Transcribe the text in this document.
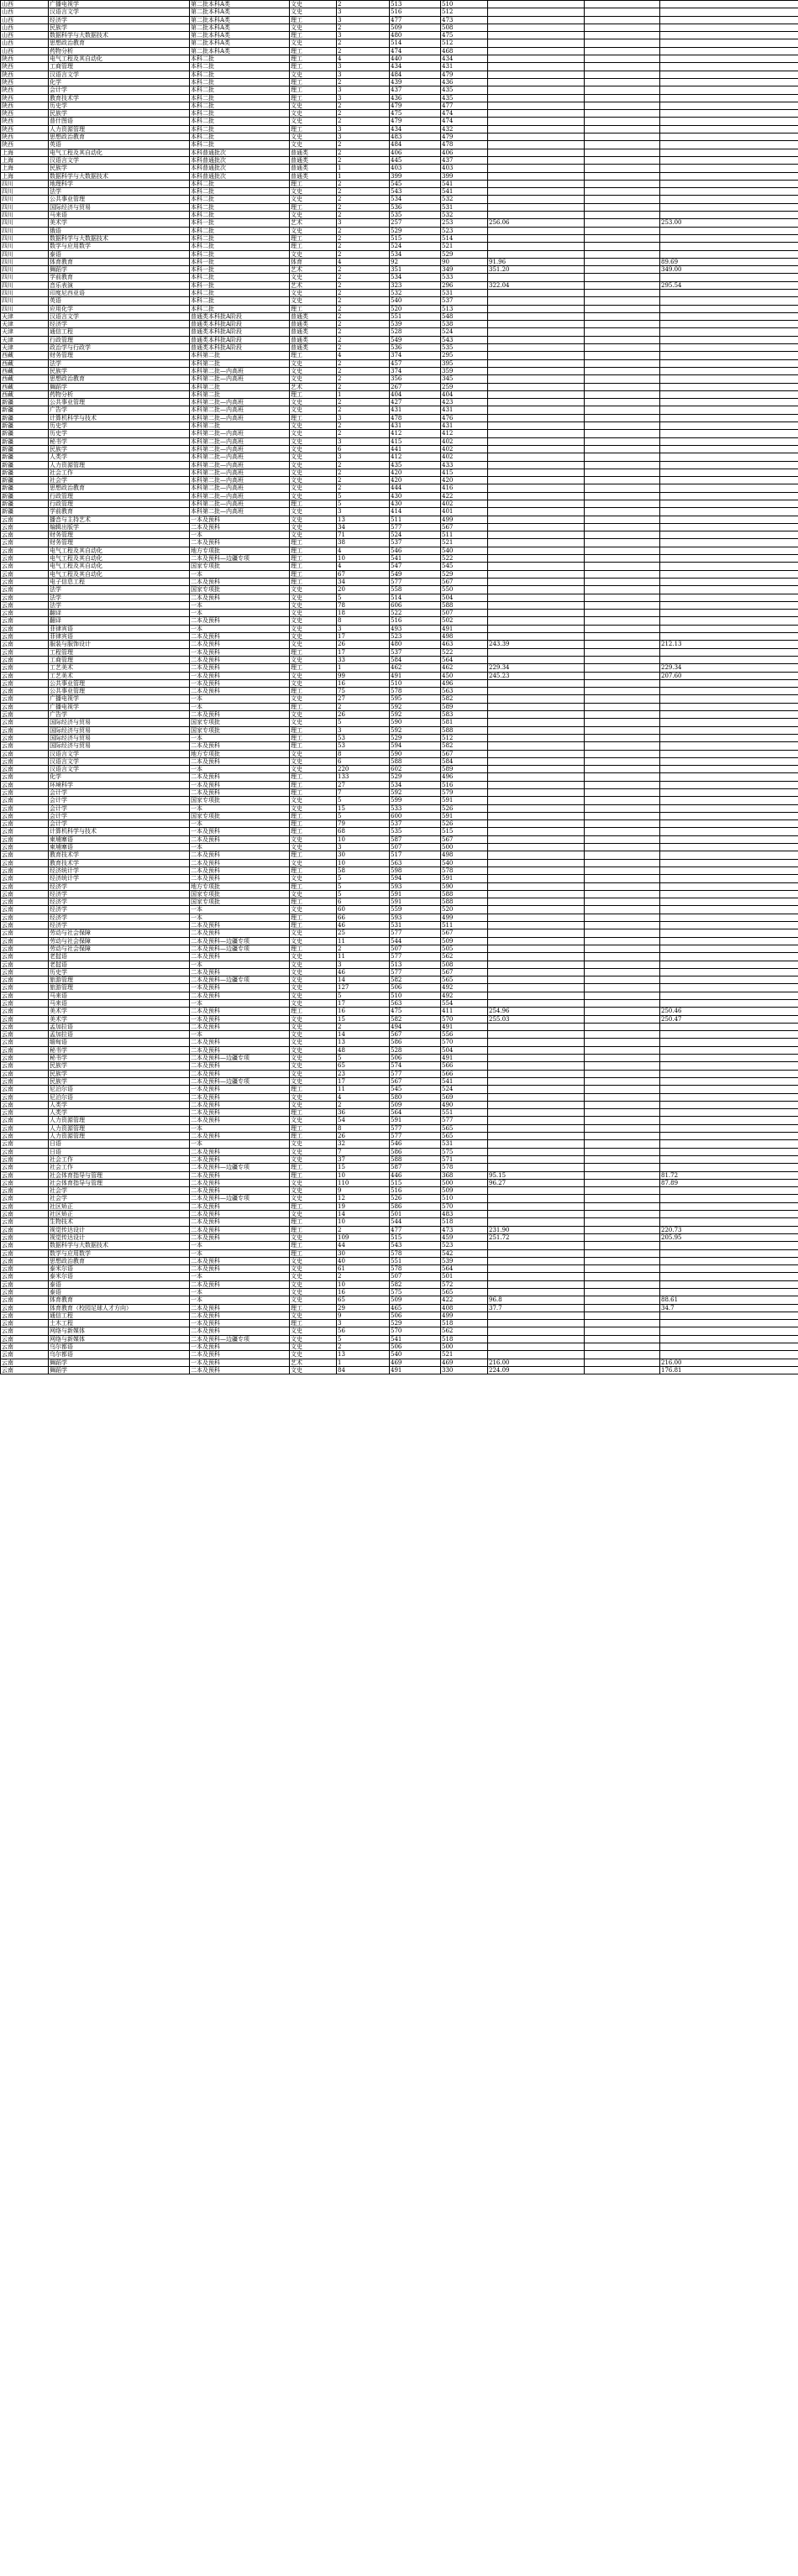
山西	广播电视学	第二批本科A类	文史	2	513	510			
山西	汉语言文学	第二批本科A类	文史	3	516	512			
山西	经济学	第二批本科A类	理工	3	477	473			
山西	民族学	第二批本科A类	文史	2	509	508			
山西	数据科学与大数据技术	第二批本科A类	理工	3	480	475			
山西	思想政治教育	第二批本科A类	文史	2	514	512			
山西	药物分析	第二批本科A类	理工	2	474	468			
陕西	电气工程及其自动化	本科二批	理工	4	440	434			
陕西	工商管理	本科二批	理工	3	434	431			
陕西	汉语言文学	本科二批	文史	3	484	479			
陕西	化学	本科二批	理工	2	439	436			
陕西	会计学	本科二批	理工	3	437	435			
陕西	教育技术学	本科二批	理工	3	436	435			
陕西	历史学	本科二批	文史	2	479	477			
陕西	民族学	本科二批	文史	2	475	474			
陕西	普什图语	本科二批	文史	2	479	474			
陕西	人力资源管理	本科二批	理工	3	434	432			
陕西	思想政治教育	本科二批	文史	3	483	479			
陕西	英语	本科二批	文史	2	484	478			
上海	电气工程及其自动化	本科普通批次	普通类	2	406	406			
上海	汉语言文学	本科普通批次	普通类	2	445	437			
上海	民族学	本科普通批次	普通类	1	403	403			
上海	数据科学与大数据技术	本科普通批次	普通类	1	399	399			
四川	地理科学	本科二批	理工	2	545	541			
四川	法学	本科二批	文史	2	543	541			
四川	公共事业管理	本科二批	文史	2	534	532			
四川	国际经济与贸易	本科二批	理工	2	536	531			
四川	马来语	本科二批	文史	2	535	532			
四川	美术学	本科一批	艺术	3	257	253	256.06		253.00
四川	俄语	本科二批	文史	2	529	523			
四川	数据科学与大数据技术	本科二批	理工	2	515	514			
四川	数学与应用数学	本科二批	理工	2	524	521			
四川	泰语	本科二批	文史	2	534	529			
四川	体育教育	本科一批	体育	4	92	90	91.96		89.69
四川	舞蹈学	本科一批	艺术	2	351	349	351.20		349.00
四川	学前教育	本科二批	文史	2	534	533			
四川	音乐表演	本科一批	艺术	2	323	296	322.04		295.54
四川	印度尼西亚语	本科二批	文史	2	532	531			
四川	英语	本科二批	文史	2	540	537			
四川	应用化学	本科二批	理工	2	520	513			
天津	汉语言文学	普通类本科批A阶段	普通类	2	551	548			
天津	经济学	普通类本科批A阶段	普通类	2	539	538			
天津	通信工程	普通类本科批A阶段	普通类	2	528	524			
天津	行政管理	普通类本科批A阶段	普通类	2	549	543			
天津	政治学与行政学	普通类本科批A阶段	普通类	2	536	535			
西藏	财务管理	本科第二批	理工	4	374	295			
西藏	法学	本科第二批	文史	2	457	395			
西藏	民族学	本科第二批—内高班	文史	2	374	359			
西藏	思想政治教育	本科第二批—内高班	文史	2	356	345			
西藏	舞蹈学	本科第二批	艺术	2	267	259			
西藏	药物分析	本科第二批	理工	1	404	404			
新疆	公共事业管理	本科第二批—内高班	文史	2	427	423			
新疆	广告学	本科第二批—内高班	文史	2	431	431			
新疆	计算机科学与技术	本科第二批—内高班	理工	3	478	476			
新疆	历史学	本科第二批	文史	2	431	431			
新疆	历史学	本科第二批—内高班	文史	2	412	412			
新疆	秘书学	本科第二批—内高班	文史	3	415	402			
新疆	民族学	本科第二批—内高班	文史	6	441	402			
新疆	人类学	本科第二批—内高班	文史	3	412	402			
新疆	人力资源管理	本科第二批—内高班	文史	2	435	433			
新疆	社会工作	本科第二批—内高班	文史	2	420	415			
新疆	社会学	本科第二批—内高班	文史	2	420	420			
新疆	思想政治教育	本科第二批—内高班	文史	2	444	416			
新疆	行政管理	本科第二批—内高班	文史	5	430	422			
新疆	行政管理	本科第二批—内高班	理工	5	430	402			
新疆	学前教育	本科第二批—内高班	文史	3	414	401			
云南	播音与主持艺术	一本及预科	文史	13	511	499			
云南	编辑出版学	二本及预科	文史	34	577	567			
云南	财务管理	一本	文史	71	524	511			
云南	财务管理	二本及预科	理工	38	537	521			
云南	电气工程及其自动化	地方专项批	理工	4	546	540			
云南	电气工程及其自动化	二本及预科—边疆专项	理工	10	541	522			
云南	电气工程及其自动化	国家专项批	理工	4	547	545			
云南	电气工程及其自动化	一本	理工	67	549	529			
云南	电子信息工程	二本及预科	理工	34	577	567			
云南	法学	国家专项批	文史	20	558	550			
云南	法学	二本及预科	文史	5	514	504			
云南	法学	一本	文史	78	606	588			
云南	翻译	一本	文史	18	522	507			
云南	翻译	二本及预科	文史	8	516	502			
云南	菲律宾语	一本	文史	3	493	491			
云南	菲律宾语	二本及预科	文史	17	523	498			
云南	服装与服饰设计	二本及预科	文史	26	480	463	243.39		212.13
云南	工程管理	一本及预科	理工	17	537	522			
云南	工商管理	二本及预科	文史	33	584	564			
云南	工艺美术	二本及预科	理工	1	462	462	229.34		229.34
云南	工艺美术	一本及预科	文史	99	491	450	245.23		207.60
云南	公共事业管理	一本及预科	文史	16	510	496			
云南	公共事业管理	二本及预科	理工	75	578	563			
云南	广播电视学	一本	文史	27	595	582			
云南	广播电视学	一本	理工	2	592	589			
云南	广告学	二本及预科	文史	26	592	583			
云南	国际经济与贸易	国家专项批	文史	5	590	581			
云南	国际经济与贸易	国家专项批	理工	3	592	588			
云南	国际经济与贸易	一本	理工	53	529	512			
云南	国际经济与贸易	二本及预科	理工	53	594	582			
云南	汉语言文学	地方专项批	文史	8	590	567			
云南	汉语言文学	二本及预科	文史	6	588	584			
云南	汉语言文学	一本	文史	220	602	589			
云南	化学	二本及预科	理工	133	529	496			
云南	环境科学	一本及预科	理工	27	534	516			
云南	会计学	二本及预科	理工	7	592	579			
云南	会计学	国家专项批	文史	5	599	591			
云南	会计学	一本	文史	15	533	526			
云南	会计学	国家专项批	理工	5	600	591			
云南	会计学	一本	理工	79	537	526			
云南	计算机科学与技术	一本及预科	理工	68	535	515			
云南	柬埔寨语	二本及预科	文史	10	587	567			
云南	柬埔寨语	一本	文史	3	507	500			
云南	教育技术学	二本及预科	理工	30	517	498			
云南	教育技术学	二本及预科	文史	10	563	540			
云南	经济统计学	二本及预科	理工	58	598	578			
云南	经济统计学	二本及预科	文史	5	594	591			
云南	经济学	地方专项批	理工	5	593	590			
云南	经济学	国家专项批	文史	5	591	588			
云南	经济学	国家专项批	理工	6	591	588			
云南	经济学	一本	文史	60	559	520			
云南	经济学	一本	理工	66	593	499			
云南	经济学	二本及预科	理工	46	531	511			
云南	劳动与社会保障	二本及预科	文史	25	577	567			
云南	劳动与社会保障	二本及预科—边疆专项	文史	11	544	509			
云南	劳动与社会保障	二本及预科—边疆专项	理工	2	507	505			
云南	老挝语	二本及预科	文史	11	577	562			
云南	老挝语	一本	文史	3	513	508			
云南	历史学	二本及预科	文史	46	577	567			
云南	旅游管理	二本及预科—边疆专项	文史	14	582	565			
云南	旅游管理	一本及预科	文史	127	506	492			
云南	马来语	二本及预科	文史	5	510	492			
云南	马来语	一本	文史	17	563	554			
云南	美术学	二本及预科	理工	16	475	411	254.96		250.46
云南	美术学	一本及预科	文史	15	582	570	255.03		250.47
云南	孟加拉语	二本及预科	文史	2	494	491			
云南	孟加拉语	一本	文史	14	567	556			
云南	缅甸语	二本及预科	文史	13	586	570			
云南	秘书学	二本及预科	文史	48	528	504			
云南	秘书学	二本及预科—边疆专项	文史	5	506	491			
云南	民族学	二本及预科	文史	65	574	566			
云南	民族学	二本及预科	文史	23	577	566			
云南	民族学	二本及预科—边疆专项	文史	17	567	541			
云南	尼泊尔语	一本及预科	理工	11	545	524			
云南	尼泊尔语	二本及预科	文史	4	580	569			
云南	人类学	二本及预科	文史	2	509	490			
云南	人类学	二本及预科	理工	36	564	551			
云南	人力资源管理	二本及预科	文史	54	591	577			
云南	人力资源管理	一本	理工	8	577	565			
云南	人力资源管理	二本及预科	理工	26	577	565			
云南	日语	一本	文史	32	546	531			
云南	日语	二本及预科	文史	7	586	575			
云南	社会工作	二本及预科	文史	37	588	571			
云南	社会工作	二本及预科—边疆专项	理工	15	587	578			
云南	社会体育指导与管理	二本及预科	理工	10	446	368	95.15		81.72
云南	社会体育指导与管理	二本及预科	文史	110	515	500	96.27		87.89
云南	社会学	二本及预科	文史	9	516	509			
云南	社会学	二本及预科—边疆专项	文史	12	526	510			
云南	社区矫正	二本及预科	理工	19	586	570			
云南	社区矫正	二本及预科	文史	14	501	483			
云南	生物技术	二本及预科	理工	10	544	518			
云南	视觉传达设计	二本及预科	理工	2	477	473	231.90		220.73
云南	视觉传达设计	二本及预科	文史	109	515	459	251.72		205.95
云南	数据科学与大数据技术	一本	理工	44	543	523			
云南	数学与应用数学	一本	理工	30	578	542			
云南	思想政治教育	二本及预科	文史	40	551	539			
云南	泰米尔语	二本及预科	文史	61	578	564			
云南	泰米尔语	一本	文史	2	507	501			
云南	泰语	二本及预科	文史	10	582	572			
云南	泰语	一本	文史	16	575	565			
云南	体育教育	一本	文史	65	509	422	96.8		88.61
云南	体育教育（校园足球人才方向）	二本及预科	理工	29	465	408	37.7		34.7
云南	通信工程	二本及预科	文史	9	506	499			
云南	土木工程	一本及预科	理工	3	529	518			
云南	网络与新媒体	二本及预科	文史	56	570	562			
云南	网络与新媒体	二本及预科—边疆专项	文史	5	541	518			
云南	乌尔都语	一本及预科	文史	2	506	500			
云南	乌尔都语	二本及预科	文史	13	540	521			
云南	舞蹈学	一本及预科	艺术	1	469	469	216.00		216.00
云南	舞蹈学	二本及预科	文史	84	491	330	224.09		176.81
